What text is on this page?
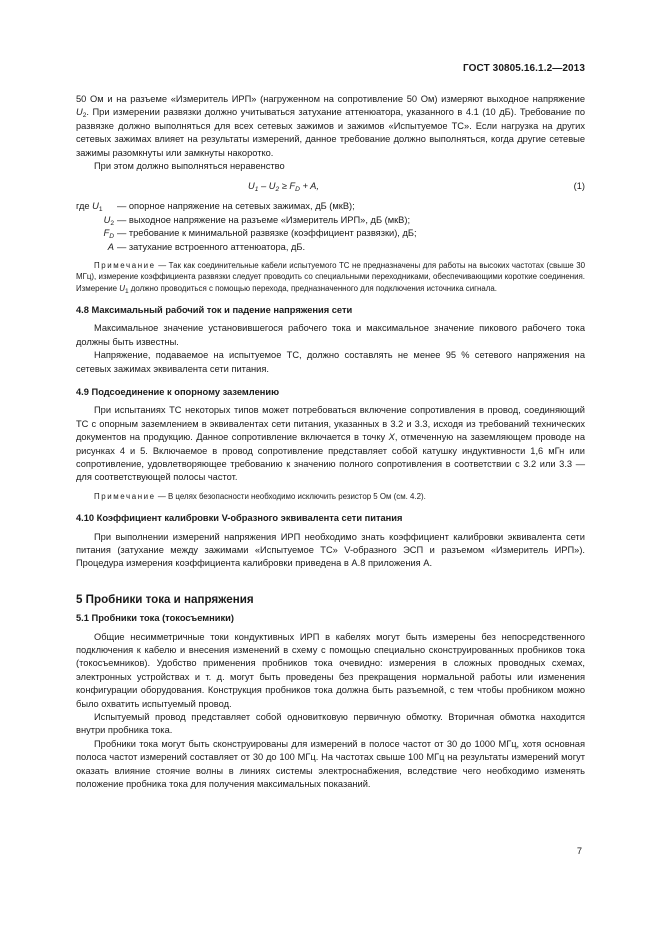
ГОСТ 30805.16.1.2—2013

50 Ом и на разъеме «Измеритель ИРП» (нагруженном на сопротивление 50 Ом) измеряют выходное напряжение $U_2$. При измерении развязки должно учитываться затухание аттенюатора, указанного в 4.1 (10 дБ). Требование по развязке должно выполняться для всех сетевых зажимов и зажимов «Испытуемое ТС». Если нагрузка на других сетевых зажимах влияет на результаты измерений, данное требование должно выполняться, когда другие сетевые зажимы разомкнуты или замкнуты накоротко.

При этом должно выполняться неравенство

$U_1 - U_2 \ge F_D + A$,	(1)
где $U_1$	— опорное напряжение на сетевых зажимах, дБ (мкВ);
$U_2$ — выходное напряжение на разъеме «Измеритель ИРП», дБ (мкВ);
$F_D$ — требование к минимальной развязке (коэффициент развязки), дБ;
A — затухание встроенного аттенюатора, дБ.

Примечание — Так как соединительные кабели испытуемого ТС не предназначены для работы на высоких частотах (свыше 30 МГц), измерение коэффициента развязки следует проводить со специальными переходниками, обеспечивающими короткие соединения. Измерение $U_1$ должно проводиться с помощью перехода, предназначенного для подключения источника сигнала.

4.8 Максимальный рабочий ток и падение напряжения сети

Максимальное значение установившегося рабочего тока и максимальное значение пикового рабочего тока должны быть известны.

Напряжение, подаваемое на испытуемое ТС, должно составлять не менее 95 % сетевого напряжения на сетевых зажимах эквивалента сети питания.

4.9 Подсоединение к опорному заземлению

При испытаниях ТС некоторых типов может потребоваться включение сопротивления в провод, соединяющий ТС с опорным заземлением в эквивалентах сети питания, указанных в 3.2 и 3.3, исходя из требований технических документов на продукцию. Данное сопротивление включается в точку X, отмеченную на заземляющем проводе на рисунках 4 и 5. Включаемое в провод сопротивление представляет собой катушку индуктивности 1,6 мГн или сопротивление, удовлетворяющее требованию к значению полного сопротивления в соответствии с 3.2 или 3.3 — для соответствующей полосы частот.

Примечание — В целях безопасности необходимо исключить резистор 5 Ом (см. 4.2).

4.10 Коэффициент калибровки V-образного эквивалента сети питания

При выполнении измерений напряжения ИРП необходимо знать коэффициент калибровки эквивалента сети питания (затухание между зажимами «Испытуемое ТС» V-образного ЭСП и разъемом «Измеритель ИРП»). Процедура измерения коэффициента калибровки приведена в А.8 приложения А.

5 Пробники тока и напряжения
5.1 Пробники тока (токосъемники)

Общие несимметричные токи кондуктивных ИРП в кабелях могут быть измерены без непосредственного подключения к кабелю и внесения изменений в схему с помощью специально сконструированных пробников тока (токосъемников). Удобство применения пробников тока очевидно: измерения в сложных проводных схемах, электронных устройствах и т. д. могут быть проведены без прекращения нормальной работы или изменения конфигурации оборудования. Конструкция пробников тока должна быть разъемной, с тем чтобы пробником можно было охватить испытуемый провод.

Испытуемый провод представляет собой одновитковую первичную обмотку. Вторичная обмотка находится внутри пробника тока.

Пробники тока могут быть сконструированы для измерений в полосе частот от 30 до 1000 МГц, хотя основная полоса частот измерений составляет от 30 до 100 МГц. На частотах свыше 100 МГц на результаты измерений могут оказать влияние стоячие волны в линиях системы электроснабжения, вследствие чего необходимо изменять положение пробника тока для получения максимальных показаний.

7
